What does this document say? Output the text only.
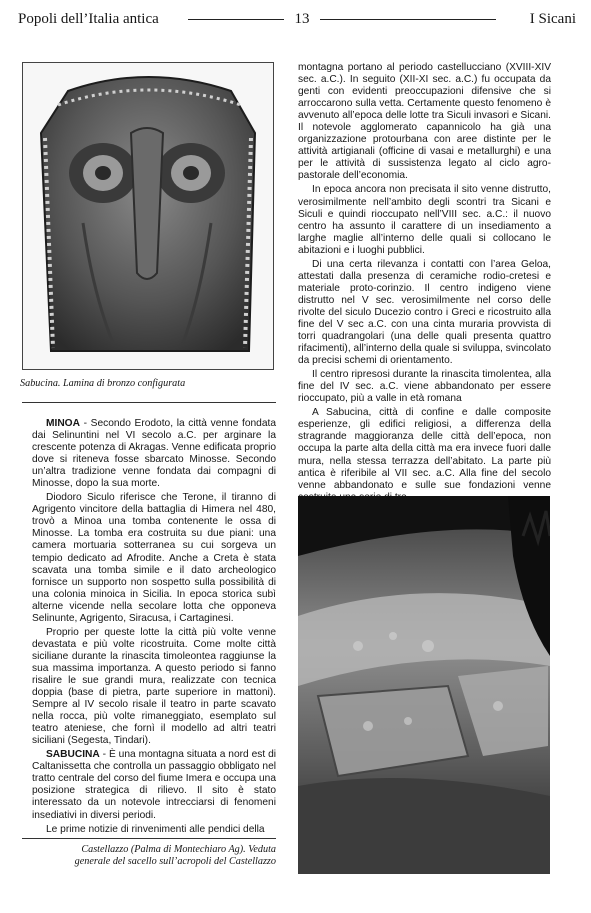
Popoli dell’Italia antica	13	I Sicani
Sabucina. Lamina di bronzo configurata

MINOA - Secondo Erodoto, la città venne fondata dai Selinuntini nel VI secolo a.C. per arginare la crescente potenza di Akragas. Venne edificata proprio dove si riteneva fosse sbarcato Minosse. Secondo un’altra tradizione venne fondata dai compagni di Minosse, dopo la sua morte.

Diodoro Siculo riferisce che Terone, il tiranno di Agrigento vincitore della battaglia di Himera nel 480, trovò a Minoa una tomba contenente le ossa di Minosse. La tomba era costruita su due piani: una camera mortuaria sotterranea su cui sorgeva un tempio dedicato ad Afrodite. Anche a Creta è stata scavata una tomba simile e il dato archeologico fornisce un supporto non sospetto sulla possibilità di una colonia minoica in Sicilia. In epoca storica subì alterne vicende nella secolare lotta che opponeva Selinunte, Agrigento, Siracusa, i Cartaginesi.

Proprio per queste lotte la città più volte venne devastata e più volte ricostruita. Come molte città siciliane durante la rinascita timoleontea raggiunse la sua massima importanza. A questo periodo si fanno risalire le sue grandi mura, realizzate con tecnica doppia (base di pietra, parte superiore in mattoni). Sempre al IV secolo risale il teatro in parte scavato nella rocca, più volte rimaneggiato, esemplato sul teatro ateniese, che fornì il modello ad altri teatri siciliani (Segesta, Tindari).

SABUCINA - È una montagna situata a nord est di Caltanissetta che controlla un passaggio obbligato nel tratto centrale del corso del fiume Imera e occupa una posizione strategica di rilievo. Il sito è stato interessato da un notevole intrecciarsi di fenomeni insediativi in diversi periodi.

Le prime notizie di rinvenimenti alle pendici della

Castellazzo (Palma di Montechiaro Ag). Veduta
generale del sacello sull’acropoli del Castellazzo

montagna portano al periodo castellucciano (XVIII-XIV sec. a.C.). In seguito (XII-XI sec. a.C.) fu occupata da genti con evidenti preoccupazioni difensive che si arroccarono sulla vetta. Certamente questo fenomeno è avvenuto all’epoca delle lotte tra Siculi invasori e Sicani. Il notevole agglomerato capannicolo ha già una organizzazione protourbana con aree distinte per le attività artigianali (officine di vasai e metallurghi) e una per le attività di sussistenza legato al ciclo agro-pastorale dell’economia.

In epoca ancora non precisata il sito venne distrutto, verosimilmente nell’ambito degli scontri tra Sicani e Siculi e quindi rioccupato nell’VIII sec. a.C.: il nuovo centro ha assunto il carattere di un insediamento a larghe maglie all’interno delle quali si collocano le abitazioni e i luoghi pubblici.

Di una certa rilevanza i contatti con l’area Geloa, attestati dalla presenza di ceramiche rodio-cretesi e materiale proto-corinzio. Il centro indigeno viene distrutto nel V sec. verosimilmente nel corso delle rivolte del siculo Ducezio contro i Greci e ricostruito alla fine del V sec a.C. con una cinta muraria provvista di torri quadrangolari (una delle quali presenta quattro rifacimenti), all’interno della quale si sviluppa, svincolato da precisi schemi di orientamento.

Il centro ripresosi durante la rinascita timolentea, alla fine del IV sec. a.C. viene abbandonato per essere rioccupato, più a valle in età romana

A Sabucina, città di confine e dalle composite esperienze, gli edifici religiosi, a differenza della stragrande maggioranza delle città dell’epoca, non occupa la parte alta della città ma era invece fuori dalle mura, nella stessa terrazza dell’abitato. La parte più antica è riferibile al VII sec. a.C. Alla fine del secolo venne abbandonato e sulle sue fondazioni venne
